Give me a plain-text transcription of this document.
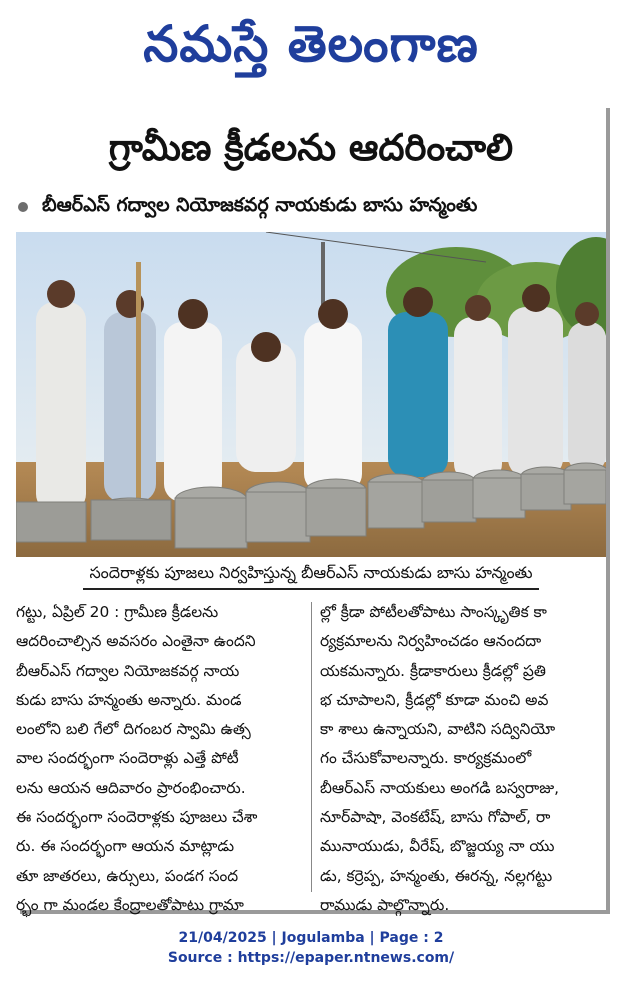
నమస్తే తెలంగాణ
గ్రామీణ క్రీడలను ఆదరించాలి
బీఆర్ఎస్ గద్వాల నియోజకవర్గ నాయకుడు బాసు హన్మంతు
సందెరాళ్లకు పూజలు నిర్వహిస్తున్న బీఆర్ఎస్ నాయకుడు బాసు హన్మంతు
గట్టు, ఏప్రిల్ 20 : గ్రామీణ క్రీడలను
ఆదరించాల్సిన అవసరం ఎంతైనా ఉందని
బీఆర్ఎస్ గద్వాల నియోజకవర్గ నాయ
కుడు బాసు హన్మంతు అన్నారు. మండ
లంలోని బలి గేలో దిగంబర స్వామి ఉత్స
వాల సందర్భంగా సందెరాళ్లు ఎత్తే పోటీ
లను ఆయన ఆదివారం ప్రారంభించారు.
ఈ సందర్భంగా సందెరాళ్లకు పూజలు చేశా
రు. ఈ సందర్భంగా ఆయన మాట్లాడు
తూ జాతరలు, ఉర్సులు, పండగ సంద
ర్భం గా మండల కేంద్రాలతోపాటు గ్రామా
ల్లో క్రీడా పోటీలతోపాటు సాంస్కృతిక కా
ర్యక్రమాలను నిర్వహించడం ఆనందదా
యకమన్నారు. క్రీడాకారులు క్రీడల్లో ప్రతి
భ చూపాలని, క్రీడల్లో కూడా మంచి అవ
కా శాలు ఉన్నాయని, వాటిని సద్వినియో
గం చేసుకోవాలన్నారు. కార్యక్రమంలో
బీఆర్ఎస్ నాయకులు అంగడి బస్వరాజు,
నూర్‌పాషా, వెంకటేష్, బాసు గోపాల్, రా
మునాయుడు, వీరేష్, బొజ్జయ్య నా యు
డు, కర్రెప్ప, హన్మంతు, ఈరన్న, నల్లగట్టు
రాముడు పాల్గొన్నారు.
21/04/2025 | Jogulamba | Page : 2
Source : https://epaper.ntnews.com/
